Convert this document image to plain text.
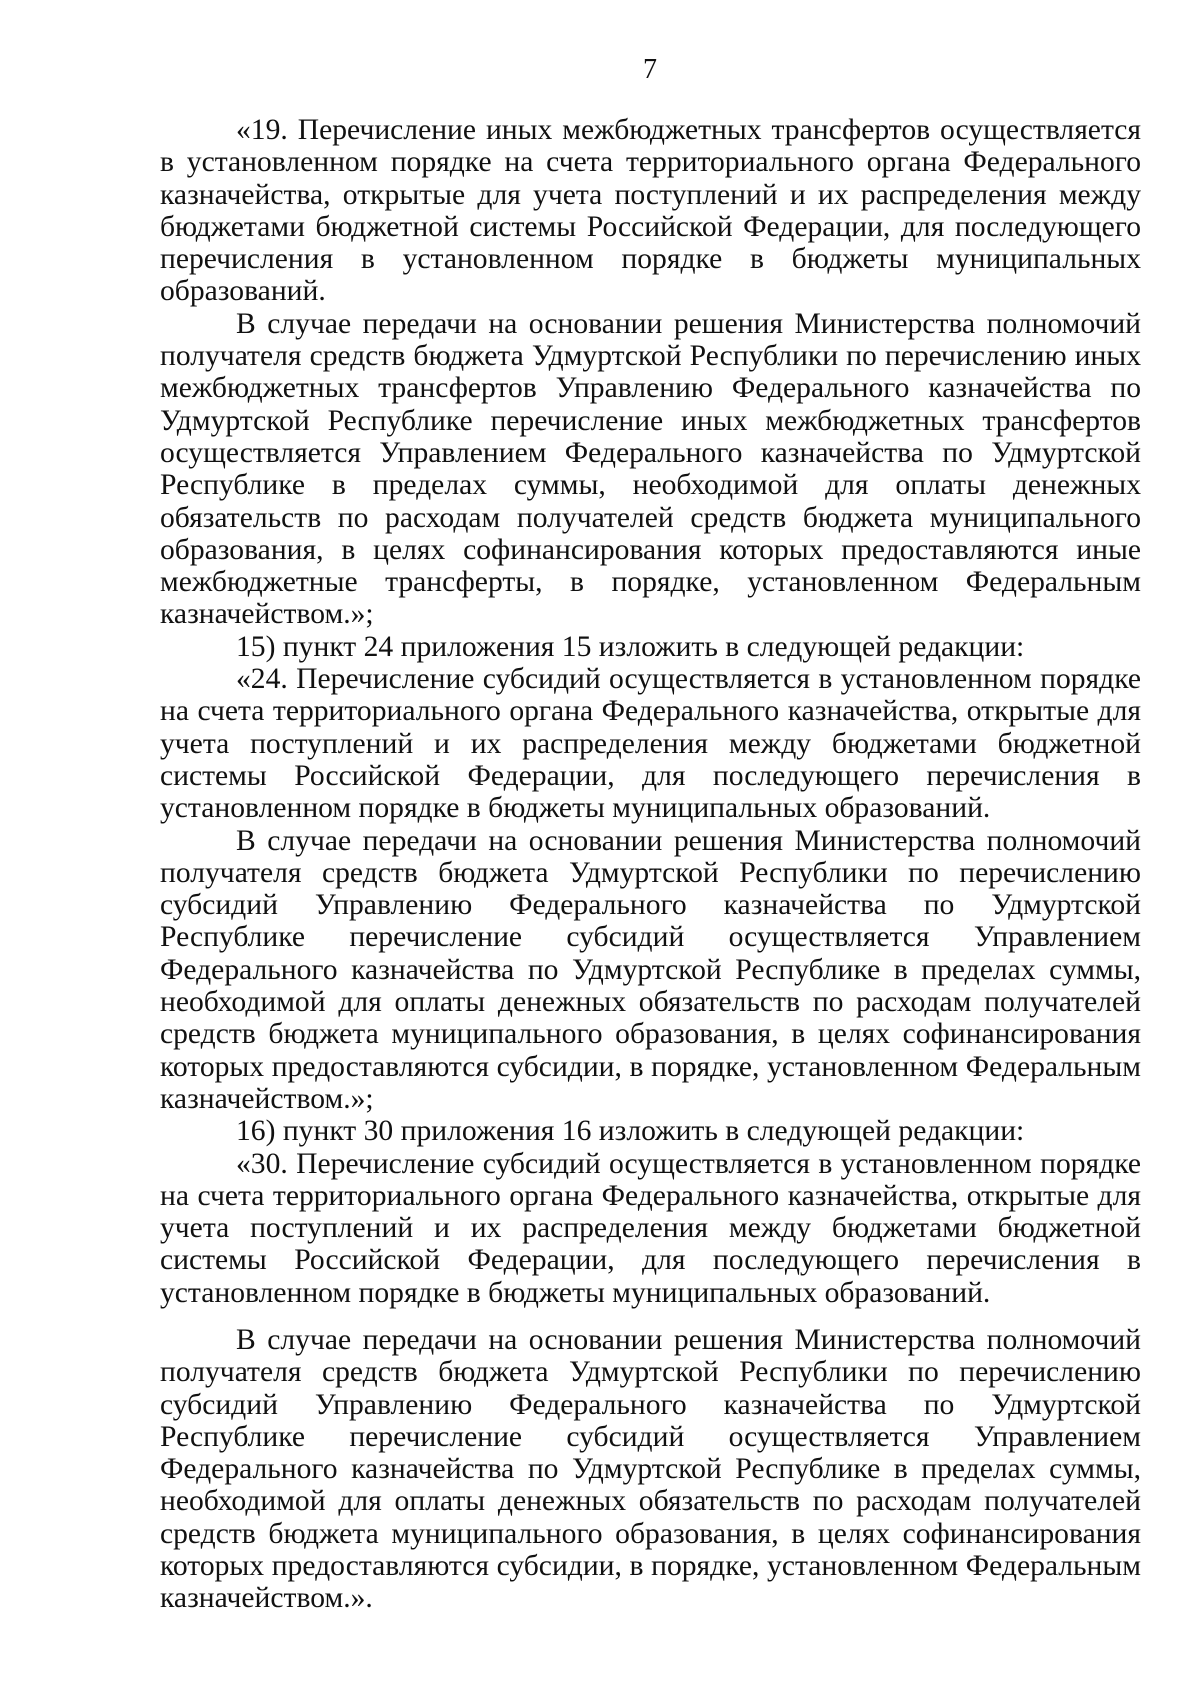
7

«19. Перечисление иных межбюджетных трансфертов осуществляется в установленном порядке на счета территориального органа Федерального казначейства, открытые для учета поступлений и их распределения между бюджетами бюджетной системы Российской Федерации, для последующего перечисления в установленном порядке в бюджеты муниципальных образований.

В случае передачи на основании решения Министерства полномочий получателя средств бюджета Удмуртской Республики по перечислению иных межбюджетных трансфертов Управлению Федерального казначейства по Удмуртской Республике перечисление иных межбюджетных трансфертов осуществляется Управлением Федерального казначейства по Удмуртской Республике в пределах суммы, необходимой для оплаты денежных обязательств по расходам получателей средств бюджета муниципального образования, в целях софинансирования которых предоставляются иные межбюджетные трансферты, в порядке, установленном Федеральным казначейством.»;

15) пункт 24 приложения 15 изложить в следующей редакции:

«24. Перечисление субсидий осуществляется в установленном порядке на счета территориального органа Федерального казначейства, открытые для учета поступлений и их распределения между бюджетами бюджетной системы Российской Федерации, для последующего перечисления в установленном порядке в бюджеты муниципальных образований.

В случае передачи на основании решения Министерства полномочий получателя средств бюджета Удмуртской Республики по перечислению субсидий Управлению Федерального казначейства по Удмуртской Республике перечисление субсидий осуществляется Управлением Федерального казначейства по Удмуртской Республике в пределах суммы, необходимой для оплаты денежных обязательств по расходам получателей средств бюджета муниципального образования, в целях софинансирования которых предоставляются субсидии, в порядке, установленном Федеральным казначейством.»;

16) пункт 30 приложения 16 изложить в следующей редакции:

«30. Перечисление субсидий осуществляется в установленном порядке на счета территориального органа Федерального казначейства, открытые для учета поступлений и их распределения между бюджетами бюджетной системы Российской Федерации, для последующего перечисления в установленном порядке в бюджеты муниципальных образований.

В случае передачи на основании решения Министерства полномочий получателя средств бюджета Удмуртской Республики по перечислению субсидий Управлению Федерального казначейства по Удмуртской Республике перечисление субсидий осуществляется Управлением Федерального казначейства по Удмуртской Республике в пределах суммы, необходимой для оплаты денежных обязательств по расходам получателей средств бюджета муниципального образования, в целях софинансирования которых предоставляются субсидии, в порядке, установленном Федеральным казначейством.».
